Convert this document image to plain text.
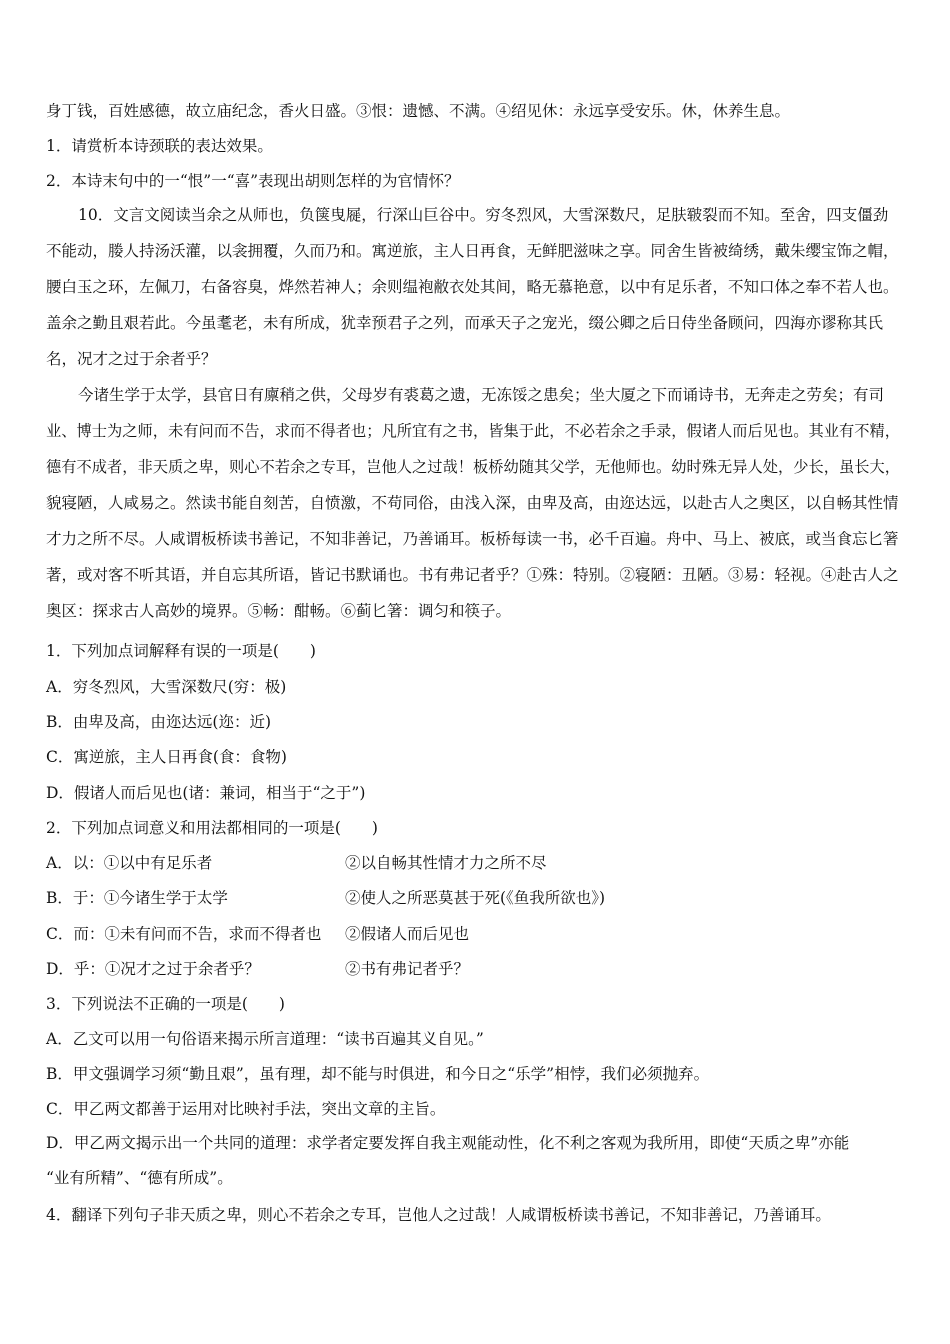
身丁钱，百姓感德，故立庙纪念，香火日盛。③恨：遗憾、不满。④绍见休：永远享受安乐。休，休养生息。
1．请赏析本诗颈联的表达效果。
2．本诗末句中的一“恨”一“喜”表现出胡则怎样的为官情怀？
10．文言文阅读当余之从师也，负箧曳屣，行深山巨谷中。穷冬烈风，大雪深数尺，足肤皲裂而不知。至舍，四支僵劲
不能动，媵人持汤沃灌，以衾拥覆，久而乃和。寓逆旅，主人日再食，无鲜肥滋味之享。同舍生皆被绮绣，戴朱缨宝饰之帽，
腰白玉之环，左佩刀，右备容臭，烨然若神人；余则缊袍敝衣处其间，略无慕艳意，以中有足乐者，不知口体之奉不若人也。
盖余之勤且艰若此。今虽耄老，未有所成，犹幸预君子之列，而承天子之宠光，缀公卿之后日侍坐备顾问，四海亦谬称其氏
名，况才之过于余者乎？
今诸生学于太学，县官日有廪稍之供，父母岁有裘葛之遗，无冻馁之患矣；坐大厦之下而诵诗书，无奔走之劳矣；有司
业、博士为之师，未有问而不告，求而不得者也；凡所宜有之书，皆集于此，不必若余之手录，假诸人而后见也。其业有不精，
德有不成者，非天质之卑，则心不若余之专耳，岂他人之过哉！板桥幼随其父学，无他师也。幼时殊无异人处，少长，虽长大，
貌寝陋，人咸易之。然读书能自刻苦，自愤激，不苟同俗，由浅入深，由卑及高，由迩达远，以赴古人之奥区，以自畅其性情
才力之所不尽。人咸谓板桥读书善记，不知非善记，乃善诵耳。板桥每读一书，必千百遍。舟中、马上、被底，或当食忘匕箸
著，或对客不听其语，并自忘其所语，皆记书默诵也。书有弗记者乎？①殊：特别。②寝陋：丑陋。③易：轻视。④赴古人之
奥区：探求古人高妙的境界。⑤畅：酣畅。⑥蓟匕箸：调匀和筷子。
1．下列加点词解释有误的一项是(　　)
A．穷冬烈风，大雪深数尺(穷：极)
B．由卑及高，由迩达远(迩：近)
C．寓逆旅，主人日再食(食：食物)
D．假诸人而后见也(诸：兼词，相当于“之于”)
2．下列加点词意义和用法都相同的一项是(　　)
A．以：①以中有足乐者	②以自畅其性情才力之所不尽
B．于：①今诸生学于太学	②使人之所恶莫甚于死(《鱼我所欲也》)
C．而：①未有问而不告，求而不得者也 ②假诸人而后见也
D．乎：①况才之过于余者乎？	②书有弗记者乎？
3．下列说法不正确的一项是(　　)
A．乙文可以用一句俗语来揭示所言道理：“读书百遍其义自见。”
B．甲文强调学习须“勤且艰”，虽有理，却不能与时俱进，和今日之“乐学”相悖，我们必须抛弃。
C．甲乙两文都善于运用对比映衬手法，突出文章的主旨。
D．甲乙两文揭示出一个共同的道理：求学者定要发挥自我主观能动性，化不利之客观为我所用，即使“天质之卑”亦能
“业有所精”、“德有所成”。
4．翻译下列句子非天质之卑，则心不若余之专耳，岂他人之过哉！人咸谓板桥读书善记，不知非善记，乃善诵耳。
